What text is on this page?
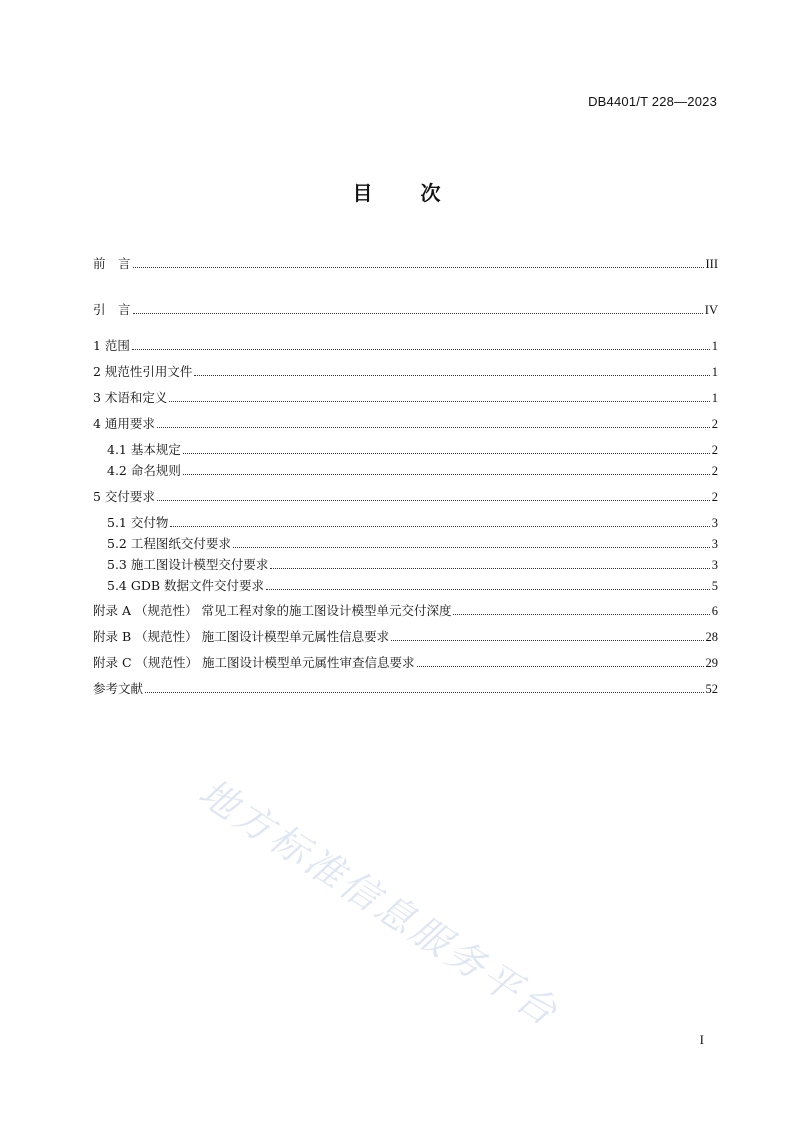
DB4401/T 228—2023
目 次
前　言	III
引　言	IV
1 范围	1
2 规范性引用文件	1
3 术语和定义	1
4 通用要求	2
4.1 基本规定	2
4.2 命名规则	2
5 交付要求	2
5.1 交付物	3
5.2 工程图纸交付要求	3
5.3 施工图设计模型交付要求	3
5.4 GDB 数据文件交付要求	5
附录 A （规范性） 常见工程对象的施工图设计模型单元交付深度	6
附录 B （规范性） 施工图设计模型单元属性信息要求	28
附录 C （规范性） 施工图设计模型单元属性审查信息要求	29
参考文献	52
地方标准信息服务平台
I
